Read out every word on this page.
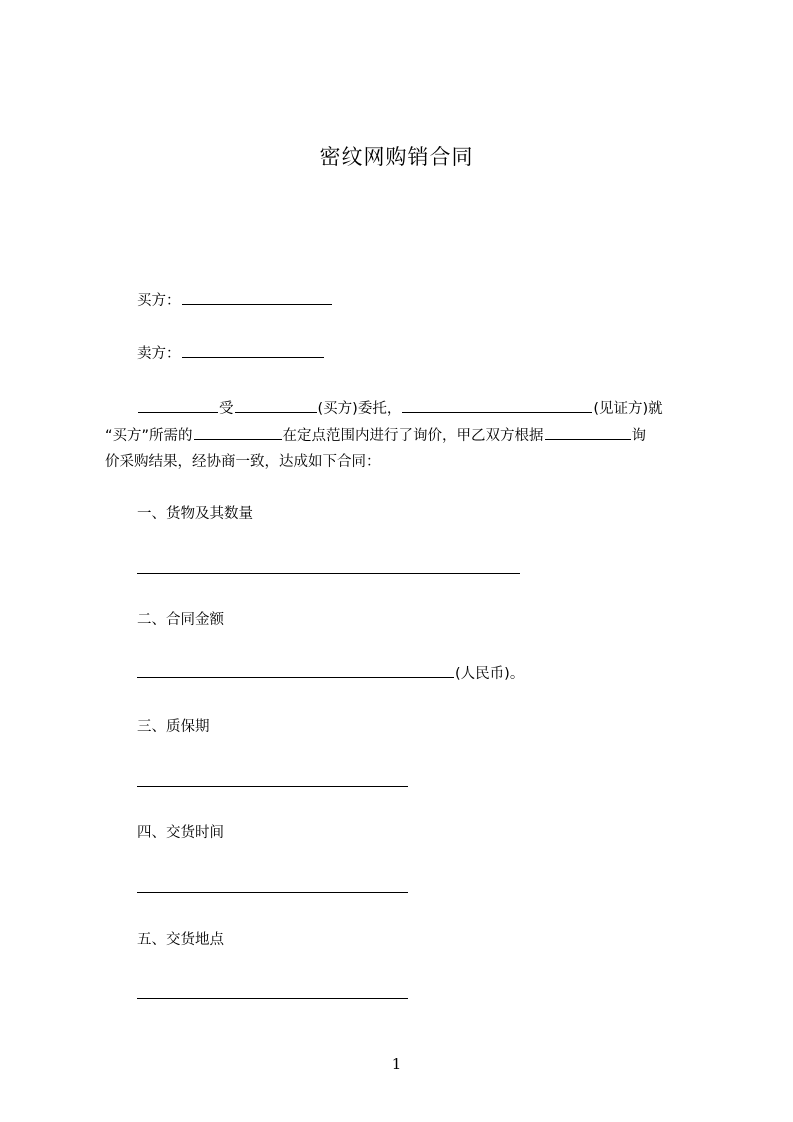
密纹网购销合同
买方：
卖方：
受	(买方)委托，	(见证方)就
“买方”所需的	在定点范围内进行了询价，甲乙双方根据	询
价采购结果，经协商一致，达成如下合同：
一、货物及其数量
二、合同金额
(人民币)。
三、质保期
四、交货时间
五、交货地点
1
